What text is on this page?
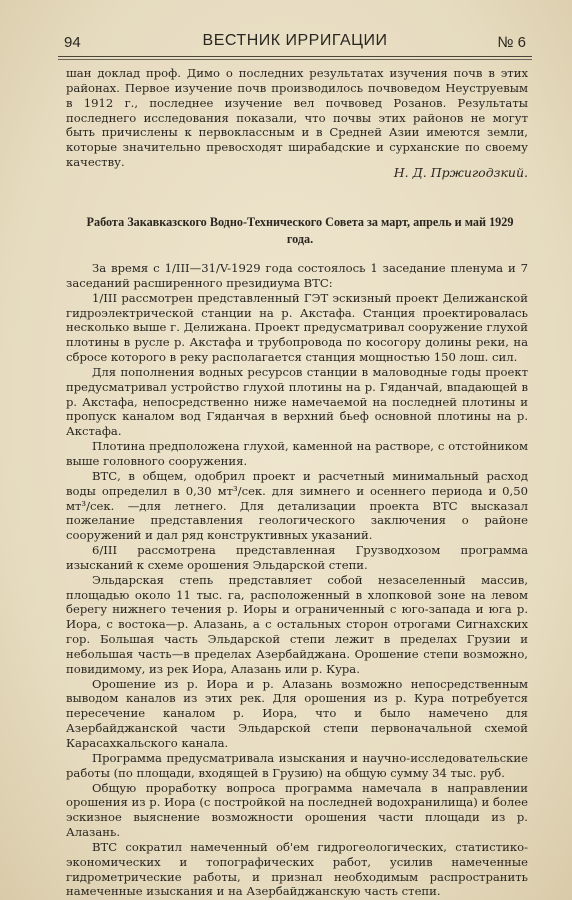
94	ВЕСТНИК ИРРИГАЦИИ	№ 6
шан доклад проф. Димо о последних результатах изучения почв в этих районах. Первое изучение почв производилось почвоведом Неуструевым в 1912 г., последнее изучение вел почвовед Розанов. Результаты последнего исследования показали, что почвы этих районов не могут быть причислены к первоклассным и в Средней Азии имеются земли, которые значительно превосходят ширабадские и сурханские по своему качеству.
Н. Д. Пржигодзкий.
Работа Закавказского Водно-Технического Совета за март, апрель и май 1929 года.

За время с 1/III—31/V-1929 года состоялось 1 заседание пленума и 7 заседаний расширенного президиума ВТС:

1/III рассмотрен представленный ГЭТ эскизный проект Делижанской гидроэлектрической станции на р. Акстафа. Станция проектировалась несколько выше г. Делижана. Проект предусматривал сооружение глухой плотины в русле р. Акстафа и трубопровода по косогору долины реки, на сбросе которого в реку располагается станция мощностью 150 лош. сил.

Для пополнения водных ресурсов станции в маловодные годы проект предусматривал устройство глухой плотины на р. Гяданчай, впадающей в р. Акстафа, непосредственно ниже намечаемой на последней плотины и пропуск каналом вод Гяданчая в верхний бьеф основной плотины на р. Акстафа.

Плотина предположена глухой, каменной на растворе, с отстойником выше головного сооружения.

ВТС, в общем, одобрил проект и расчетный минимальный расход воды определил в 0,30 мт³/сек. для зимнего и осеннего периода и 0,50 мт³/сек. —для летнего. Для детализации проекта ВТС высказал пожелание представления геологического заключения о районе сооружений и дал ряд конструктивных указаний.

6/III рассмотрена представленная Грузводхозом программа изысканий к схеме орошения Эльдарской степи.

Эльдарская степь представляет собой незаселенный массив, площадью около 11 тыс. га, расположенный в хлопковой зоне на левом берегу нижнего течения р. Иоры и ограниченный с юго-запада и юга р. Иора, с востока—р. Алазань, а с остальных сторон отрогами Сигнахских гор. Большая часть Эльдарской степи лежит в пределах Грузии и небольшая часть—в пределах Азербайджана. Орошение степи возможно, повидимому, из рек Иора, Алазань или р. Кура.

Орошение из р. Иора и р. Алазань возможно непосредственным выводом каналов из этих рек. Для орошения из р. Кура потребуется пересечение каналом р. Иора, что и было намечено для Азербайджанской части Эльдарской степи первоначальной схемой Карасахкальского канала.

Программа предусматривала изыскания и научно-исследовательские работы (по площади, входящей в Грузию) на общую сумму 34 тыс. руб.

Общую проработку вопроса программа намечала в направлении орошения из р. Иора (с постройкой на последней водохранилища) и более эскизное выяснение возможности орошения части площади из р. Алазань.

ВТС сократил намеченный об'ем гидрогеологических, статистико-экономических и топографических работ, усилив намеченные гидрометрические работы, и признал необходимым распространить намеченные изыскания и на Азербайджанскую часть степи.
